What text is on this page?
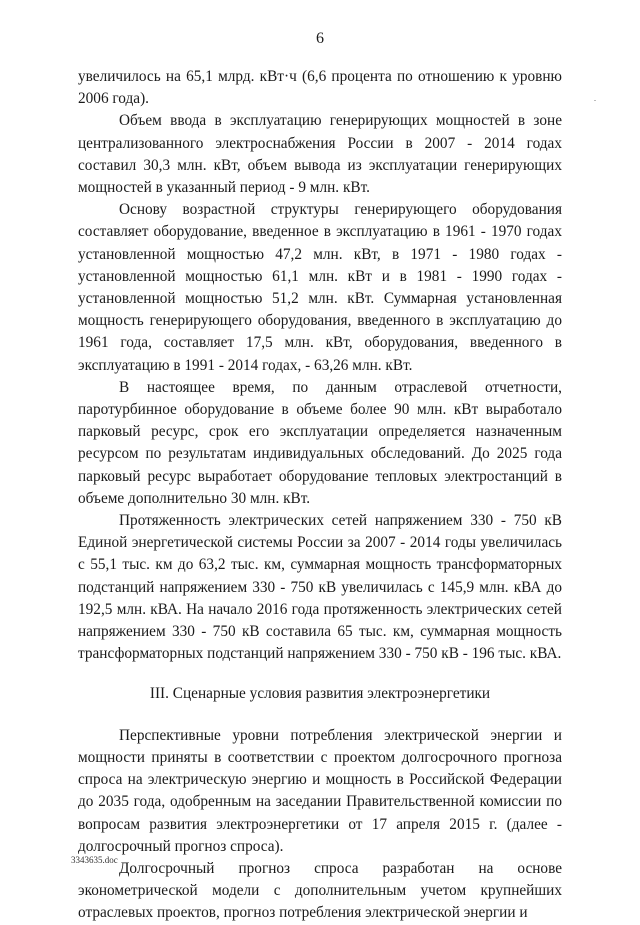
6

увеличилось на 65,1 млрд. кВт·ч (6,6 процента по отношению к уровню 2006 года).

Объем ввода в эксплуатацию генерирующих мощностей в зоне централизованного электроснабжения России в 2007 - 2014 годах составил 30,3 млн. кВт, объем вывода из эксплуатации генерирующих мощностей в указанный период - 9 млн. кВт.

Основу возрастной структуры генерирующего оборудования составляет оборудование, введенное в эксплуатацию в 1961 - 1970 годах установленной мощностью 47,2 млн. кВт, в 1971 - 1980 годах - установленной мощностью 61,1 млн. кВт и в 1981 - 1990 годах - установленной мощностью 51,2 млн. кВт. Суммарная установленная мощность генерирующего оборудования, введенного в эксплуатацию до 1961 года, составляет 17,5 млн. кВт, оборудования, введенного в эксплуатацию в 1991 - 2014 годах, - 63,26 млн. кВт.

В настоящее время, по данным отраслевой отчетности, паротурбинное оборудование в объеме более 90 млн. кВт выработало парковый ресурс, срок его эксплуатации определяется назначенным ресурсом по результатам индивидуальных обследований. До 2025 года парковый ресурс выработает оборудование тепловых электростанций в объеме дополнительно 30 млн. кВт.

Протяженность электрических сетей напряжением 330 - 750 кВ Единой энергетической системы России за 2007 - 2014 годы увеличилась с 55,1 тыс. км до 63,2 тыс. км, суммарная мощность трансформаторных подстанций напряжением 330 - 750 кВ увеличилась с 145,9 млн. кВА до 192,5 млн. кВА. На начало 2016 года протяженность электрических сетей напряжением 330 - 750 кВ составила 65 тыс. км, суммарная мощность трансформаторных подстанций напряжением 330 - 750 кВ - 196 тыс. кВА.

III. Сценарные условия развития электроэнергетики

Перспективные уровни потребления электрической энергии и мощности приняты в соответствии с проектом долгосрочного прогноза спроса на электрическую энергию и мощность в Российской Федерации до 2035 года, одобренным на заседании Правительственной комиссии по вопросам развития электроэнергетики от 17 апреля 2015 г. (далее - долгосрочный прогноз спроса).

Долгосрочный прогноз спроса разработан на основе эконометрической модели с дополнительным учетом крупнейших отраслевых проектов, прогноз потребления электрической энергии и

3343635.doc
